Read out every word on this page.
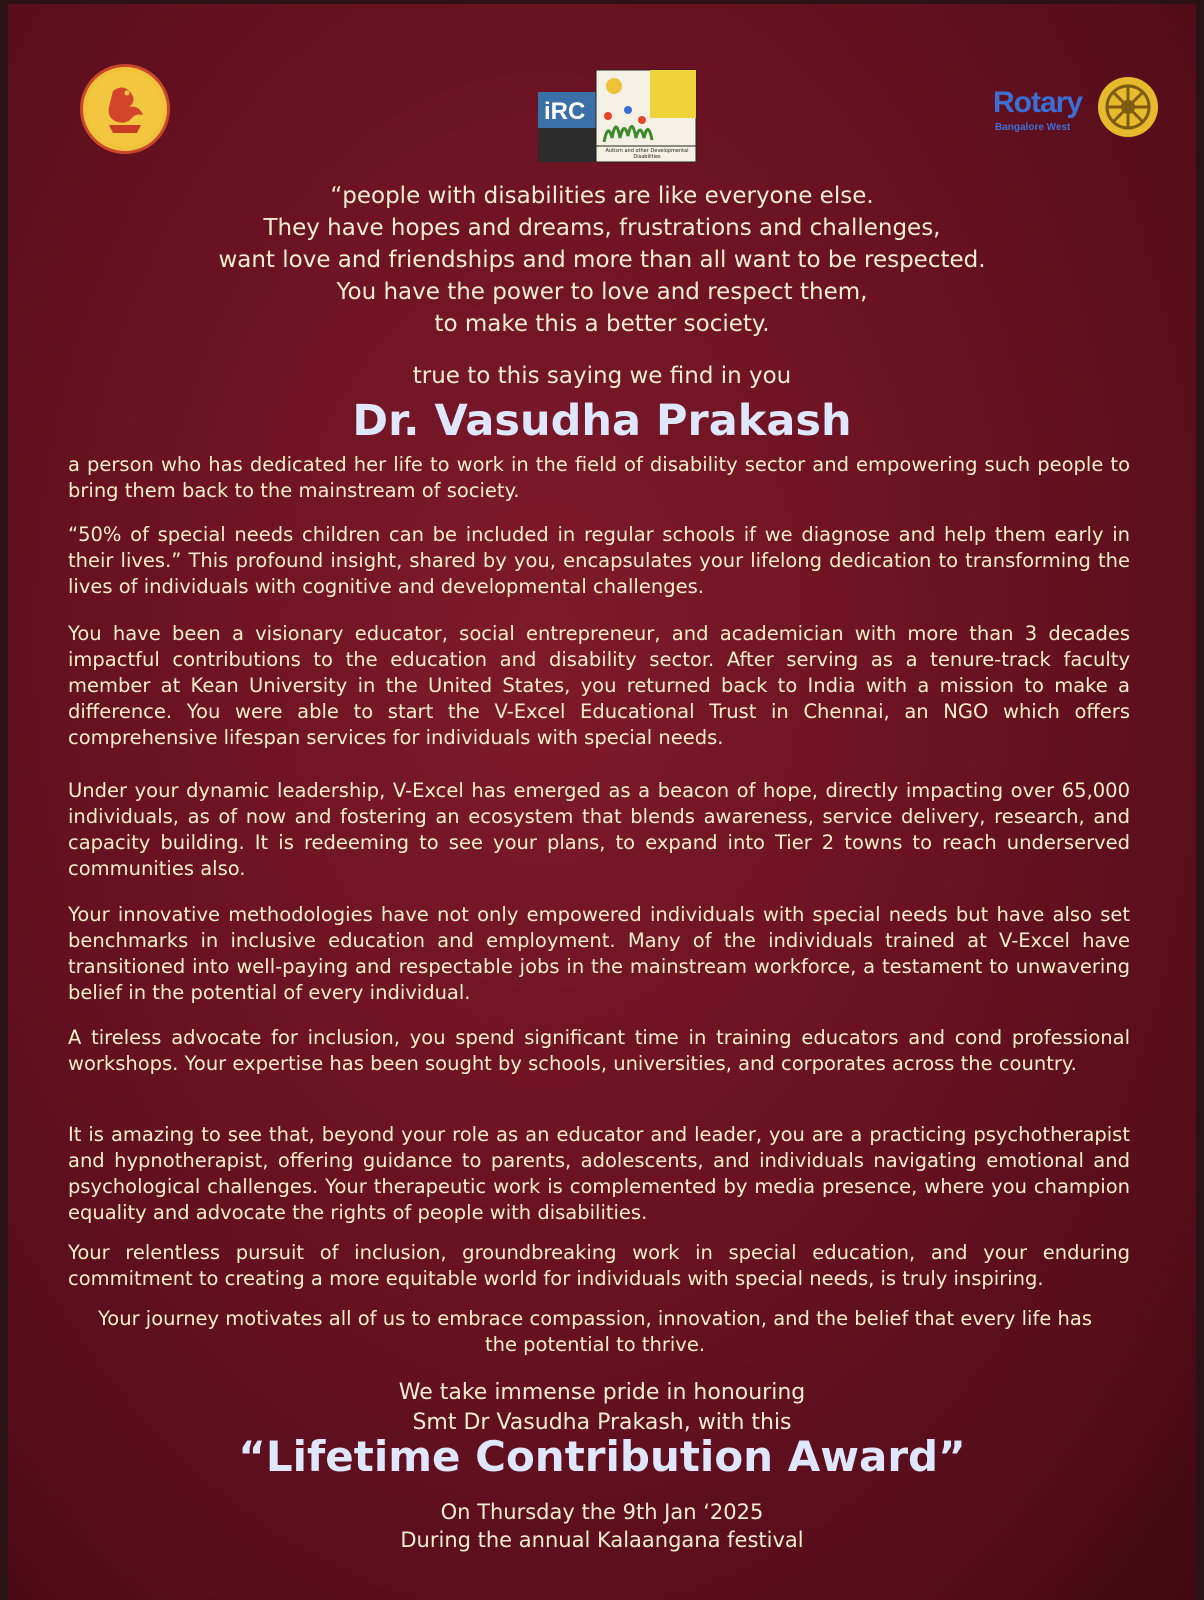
iRC
Autism and other Developmental Disabilities
Rotary
Bangalore West
“people with disabilities are like everyone else.
They have hopes and dreams, frustrations and challenges,
want love and friendships and more than all want to be respected.
You have the power to love and respect them,
to make this a better society.
true to this saying we find in you
Dr. Vasudha Prakash
a person who has dedicated her life to work in the field of disability sector and empowering such people to bring them back to the mainstream of society.
“50% of special needs children can be included in regular schools if we diagnose and help them early in their lives.” This profound insight, shared by you, encapsulates your lifelong dedication to transforming the lives of individuals with cognitive and developmental challenges.
You have been a visionary educator, social entrepreneur, and academician with more than 3 decades impactful contributions to the education and disability sector. After serving as a tenure-track faculty member at Kean University in the United States, you returned back to India with a mission to make a difference. You were able to start the V-Excel Educational Trust in Chennai, an NGO which offers comprehensive lifespan services for individuals with special needs.
Under your dynamic leadership, V-Excel has emerged as a beacon of hope, directly impacting over 65,000 individuals, as of now and fostering an ecosystem that blends awareness, service delivery, research, and capacity building. It is redeeming to see your plans, to expand into Tier 2 towns to reach underserved communities also.
Your innovative methodologies have not only empowered individuals with special needs but have also set benchmarks in inclusive education and employment. Many of the individuals trained at V-Excel have transitioned into well-paying and respectable jobs in the mainstream workforce, a testament to unwavering belief in the potential of every individual.
A tireless advocate for inclusion, you spend significant time in training educators and cond professional workshops. Your expertise has been sought by schools, universities, and corporates across the country.
It is amazing to see that, beyond your role as an educator and leader, you are a practicing psychotherapist and hypnotherapist, offering guidance to parents, adolescents, and individuals navigating emotional and psychological challenges. Your therapeutic work is complemented by media presence, where you champion equality and advocate the rights of people with disabilities.
Your relentless pursuit of inclusion, groundbreaking work in special education, and your enduring commitment to creating a more equitable world for individuals with special needs, is truly inspiring.
Your journey motivates all of us to embrace compassion, innovation, and the belief that every life has the potential to thrive.
We take immense pride in honouring
Smt Dr Vasudha Prakash, with this
“Lifetime Contribution Award”
On Thursday the 9th Jan ‘2025
During the annual Kalaangana festival
